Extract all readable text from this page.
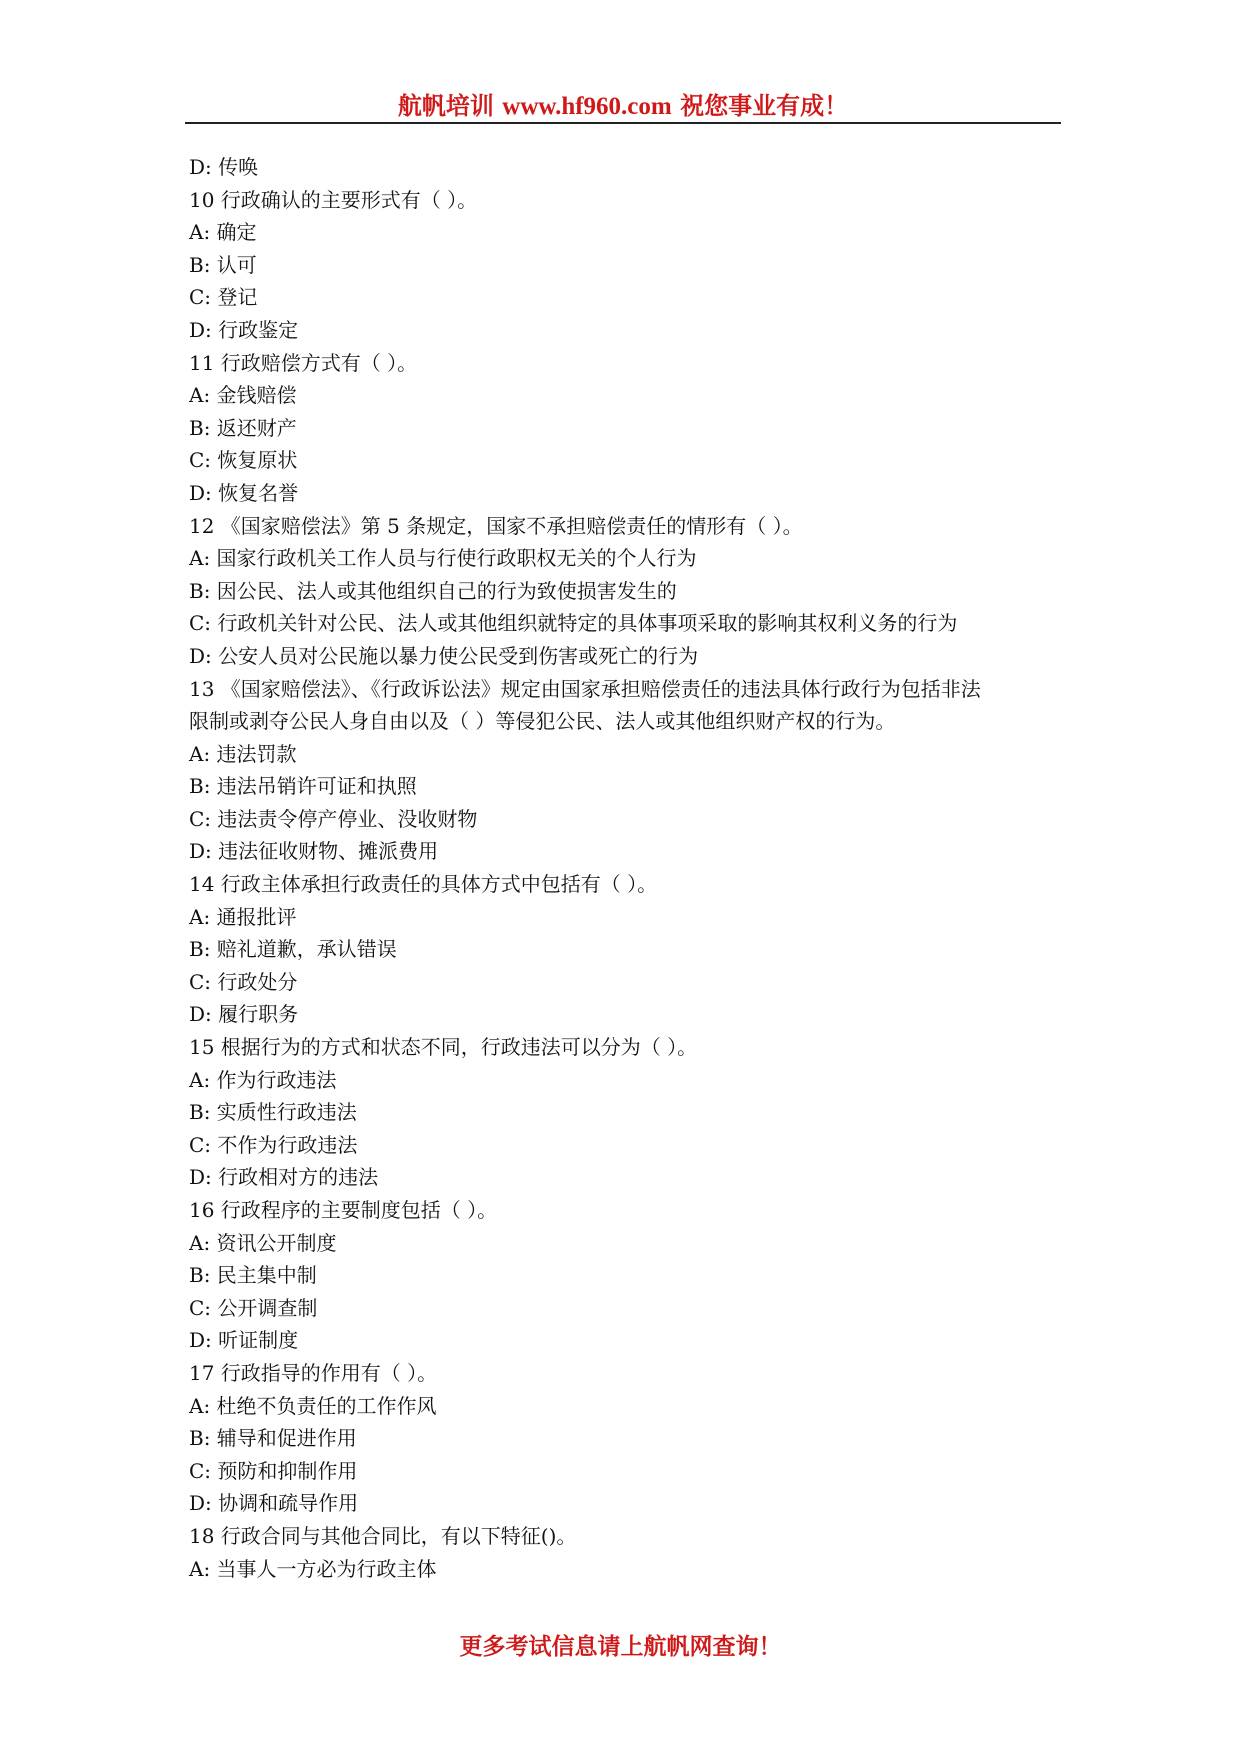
航帆培训 www.hf960.com 祝您事业有成！
D: 传唤
10 行政确认的主要形式有（ ）。
A: 确定
B: 认可
C: 登记
D: 行政鉴定
11 行政赔偿方式有（ ）。
A: 金钱赔偿
B: 返还财产
C: 恢复原状
D: 恢复名誉
12 《国家赔偿法》第 5 条规定，国家不承担赔偿责任的情形有（ ）。
A: 国家行政机关工作人员与行使行政职权无关的个人行为
B: 因公民、法人或其他组织自己的行为致使损害发生的
C: 行政机关针对公民、法人或其他组织就特定的具体事项采取的影响其权利义务的行为
D: 公安人员对公民施以暴力使公民受到伤害或死亡的行为
13 《国家赔偿法》、《行政诉讼法》规定由国家承担赔偿责任的违法具体行政行为包括非法
限制或剥夺公民人身自由以及（ ）等侵犯公民、法人或其他组织财产权的行为。
A: 违法罚款
B: 违法吊销许可证和执照
C: 违法责令停产停业、没收财物
D: 违法征收财物、摊派费用
14 行政主体承担行政责任的具体方式中包括有（ ）。
A: 通报批评
B: 赔礼道歉，承认错误
C: 行政处分
D: 履行职务
15 根据行为的方式和状态不同，行政违法可以分为（ ）。
A: 作为行政违法
B: 实质性行政违法
C: 不作为行政违法
D: 行政相对方的违法
16 行政程序的主要制度包括（ ）。
A: 资讯公开制度
B: 民主集中制
C: 公开调查制
D: 听证制度
17 行政指导的作用有（ ）。
A: 杜绝不负责任的工作作风
B: 辅导和促进作用
C: 预防和抑制作用
D: 协调和疏导作用
18 行政合同与其他合同比，有以下特征()。
A: 当事人一方必为行政主体
更多考试信息请上航帆网查询！
